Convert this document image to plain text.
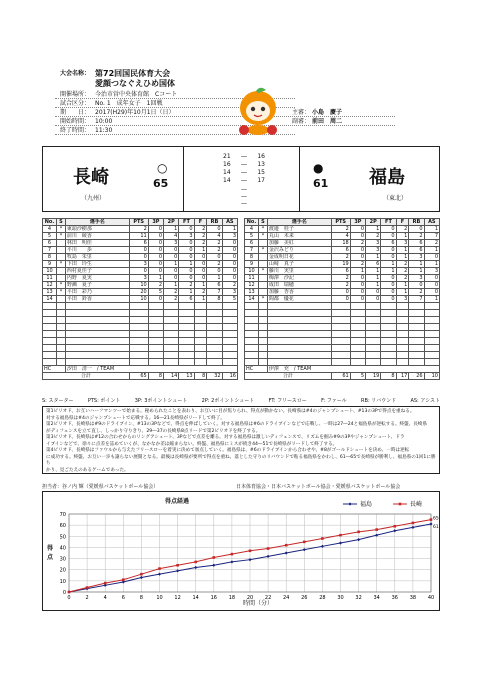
大会名称： 第72回国民体育大会
愛顔つなぐえひめ国体
開催場所： 今治市営中央体育館　Cコート
試合区分： No. 1　成年女子　1回戦
期　　日： 2017(H29)年10月1日（日）
開始時間： 10:00
終了時間： 11:30
主審： 小島　慶子
副審： 前田　周二
長崎
（九州）
○
65
21 ― 16
16 ― 13
14 ― 15
14 ― 17
—
—
—
●
61 福島
（東北）
No.	S	選手名	PTS	3P	2P	FT	F	RB	AS
4	*	東頭沙樹那	2	0	1	0	2	0	1
5	*	前川　綾香	11	0	4	3	2	4	3
6		林田　明佳	6	0	3	0	2	2	0
7		平川　　歩	0	0	0	0	1	2	0
8		牧島　朱里	0	0	0	0	0	0	0
9	*	下田　玲生	3	0	1	1	0	2	0
10		西村夏佳子	0	0	0	0	0	0	0
11		内野　夏実	3	1	0	0	0	1	0
12	*	野瀬　夏子	10	2	1	2	1	6	2
13	*	平田　彩乃	20	5	2	1	2	7	3
14		平田　鈴香	10	0	2	6	1	8	5

HC		汐田　清一　/ TEAM							
合計			65	8	14	13	8	32	16
No.	S	選手名	PTS	3P	2P	FT	F	RB	AS
4	*	渡邉　桂子	2	0	1	0	2	0	1
5	*	丸山　未来	4	0	2	0	1	2	7
6		加藤　美紅	18	2	3	6	3	6	2
7	*	金沢みどり	6	0	3	0	1	6	1
8		金成明日花	2	0	1	0	1	3	0
9		山﨑　真子	19	2	6	1	2	1	1
10	*	藤川　実里	6	1	1	1	2	1	3
11		梅澤　沙記	2	0	1	0	2	3	0
12		成田　瑞穂	2	0	1	0	1	0	0
13		加藤　杏香	0	0	0	0	1	2	0
14	*	間都　優花	0	0	0	0	3	7	1

HC		伊澤　充　/ TEAM							
合計			61	5	19	8	17	26	10
S: スターター	PTS: ポイント	3P: 3ポイントシュート	2P: 2ポイントシュート	FT: フリースロー	F: ファール	RB: リバウンド	AS: アシスト
第1ピリオド、お互いハーフマンツーで始まる。秘められたことを表わり、お互いに目が焦りられ、得点が動かない。長崎県は#4のジャンプシュート、#13の3Pで得点を重ねる。
対する福島県は#4のジャンプシュートで応戦する。16―21長崎県がリードして終了。
第2ピリオド、長崎県は#9のドライブイン、#13の3Pなどで、得点を伸ばしていく。対する福島県は#6のドライブインなどで応戦し、一時は27―24と福島県が逆転する。終盤、長崎県
がディフェンスを立て直し、しっかり守りきり、29―37の長崎県8点リードで第2ピリオドを終了する。
第3ピリオド、長崎県は#12の合わせからのリングアシュート、3Pなどで点差を離る。対する福島県は激しいディフェンスで、リズムを掴み#9の3Pやジャンプシュート、ドラ
イブインなどで、徐々に点差を詰めていくが、なかなか差は縮まらない。終盤、福島県にミスが続き44―51で長崎県がリードして終了する。
第4ピリオド、長崎県はファウルから与えたフリースローを着実に決めて加点していく。福島県は、#6のドライブインから合わせや、#8がゴールドシュートを決め、一時は逆転
に成功する。終盤、お互い一歩も譲らない展開となる。最後は長崎県が要所で得点を重ね、落とした守りのリバウンドで粘る福島県をかわし、61―65で長崎県が勝利し、福島県の1回1に勝ち
かり、見ごたえのあるゲームであった。
担当者：谷ノ内 輝（愛媛県バスケットボール協会）	日本体育協会・日本バスケットボール協会・愛媛県バスケットボール協会
得点経過
得点
時間（分）
0
10
20
30
40
50
60
70
0	2	4	6	8	10 12 14 16 18 20 22 24 26 28 30 32 34 36 38 40
福島	長崎
65
61
